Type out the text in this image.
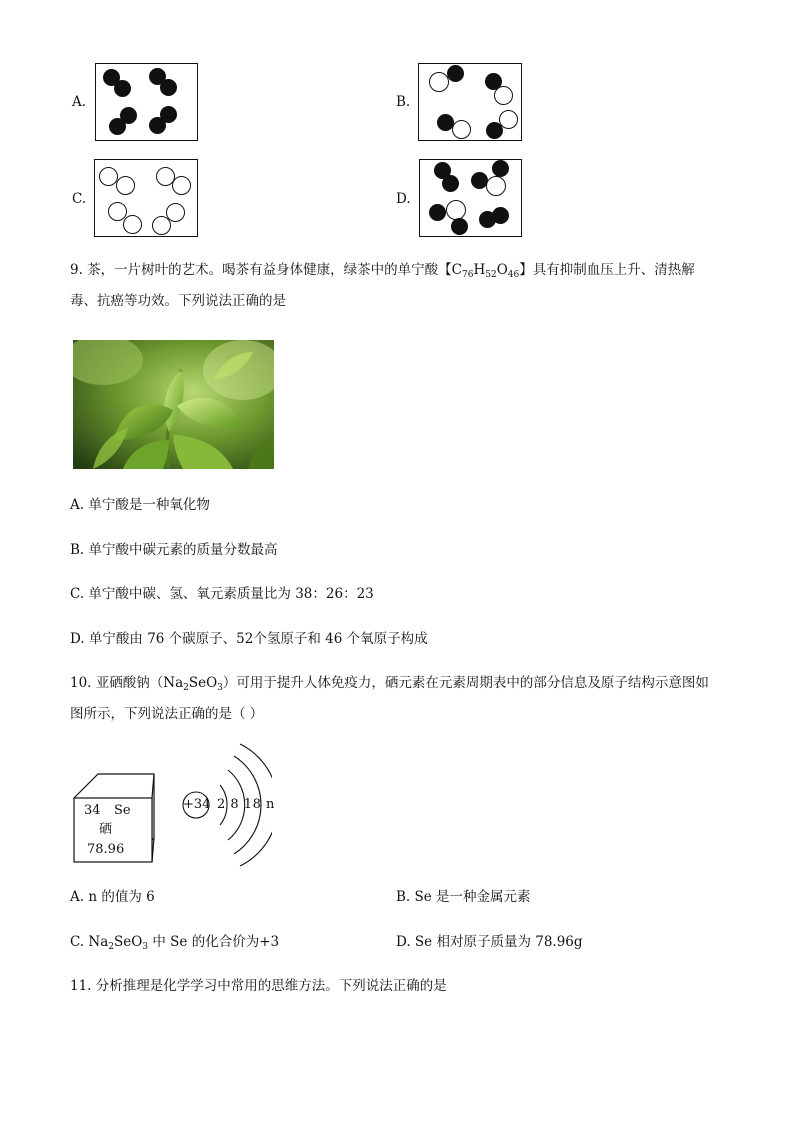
A.	B.
C.	D.
9. 茶，一片树叶的艺术。喝茶有益身体健康，绿茶中的单宁酸【$C_{76}H_{52}O_{46}$】具有抑制血压上升、清热解
毒、抗癌等功效。下列说法正确的是
A. 单宁酸是一种氧化物
B. 单宁酸中碳元素的质量分数最高
C. 单宁酸中碳、氢、氧元素质量比为 38：26：23
D. 单宁酸由 76 个碳原子、52个氢原子和 46 个氧原子构成
10. 亚硒酸钠$(Na_2SeO_3)$可用于提升人体免疫力，硒元素在元素周期表中的部分信息及原子结构示意图如
图所示，下列说法正确的是（ ）
34 Se
硒
78.96
+34 2 8 18 n
A. n 的值为 6	B. Se 是一种金属元素
C. $Na_2SeO_3$ 中 Se 的化合价为+3	D. Se 相对原子质量为 78.96g
11. 分析推理是化学学习中常用的思维方法。下列说法正确的是
